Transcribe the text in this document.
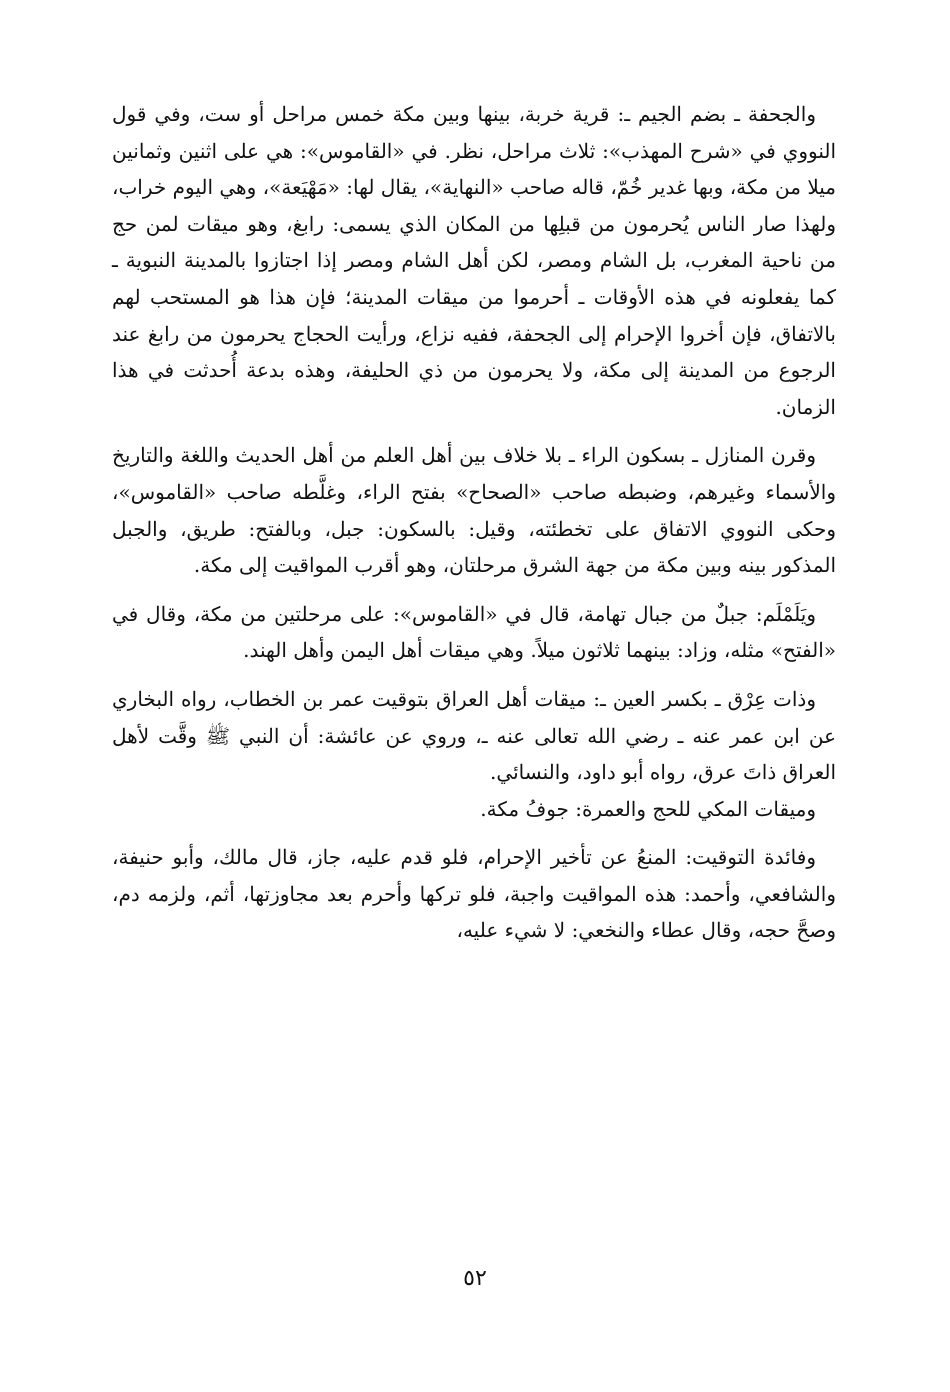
والجحفة ـ بضم الجيم ـ: قرية خربة، بينها وبين مكة خمس مراحل أو ست، وفي قول النووي في «شرح المهذب»: ثلاث مراحل، نظر. في «القاموس»: هي على اثنين وثمانين ميلا من مكة، وبها غدير خُمّ، قاله صاحب «النهاية»، يقال لها: «مَهْيَعة»، وهي اليوم خراب، ولهذا صار الناس يُحرمون من قبلِها من المكان الذي يسمى: رابغ، وهو ميقات لمن حج من ناحية المغرب، بل الشام ومصر، لكن أهل الشام ومصر إذا اجتازوا بالمدينة النبوية ـ كما يفعلونه في هذه الأوقات ـ أحرموا من ميقات المدينة؛ فإن هذا هو المستحب لهم بالاتفاق، فإن أخروا الإحرام إلى الجحفة، ففيه نزاع، ورأيت الحجاج يحرمون من رابغ عند الرجوع من المدينة إلى مكة، ولا يحرمون من ذي الحليفة، وهذه بدعة أُحدثت في هذا الزمان.

وقرن المنازل ـ بسكون الراء ـ بلا خلاف بين أهل العلم من أهل الحديث واللغة والتاريخ والأسماء وغيرهم، وضبطه صاحب «الصحاح» بفتح الراء، وغلَّطه صاحب «القاموس»، وحكى النووي الاتفاق على تخطئته، وقيل: بالسكون: جبل، وبالفتح: طريق، والجبل المذكور بينه وبين مكة من جهة الشرق مرحلتان، وهو أقرب المواقيت إلى مكة.

ويَلَمْلَم: جبلٌ من جبال تهامة، قال في «القاموس»: على مرحلتين من مكة، وقال في «الفتح» مثله، وزاد: بينهما ثلاثون ميلاً. وهي ميقات أهل اليمن وأهل الهند.

وذات عِرْق ـ بكسر العين ـ: ميقات أهل العراق بتوقيت عمر بن الخطاب، رواه البخاري عن ابن عمر عنه ـ رضي الله تعالى عنه ـ، وروي عن عائشة: أن النبي ﷺ وقَّت لأهل العراق ذاتَ عرق، رواه أبو داود، والنسائي.

وميقات المكي للحج والعمرة: جوفُ مكة.

وفائدة التوقيت: المنعُ عن تأخير الإحرام، فلو قدم عليه، جاز، قال مالك، وأبو حنيفة، والشافعي، وأحمد: هذه المواقيت واجبة، فلو تركها وأحرم بعد مجاوزتها، أثم، ولزمه دم، وصحَّ حجه، وقال عطاء والنخعي: لا شيء عليه،

٥٢
